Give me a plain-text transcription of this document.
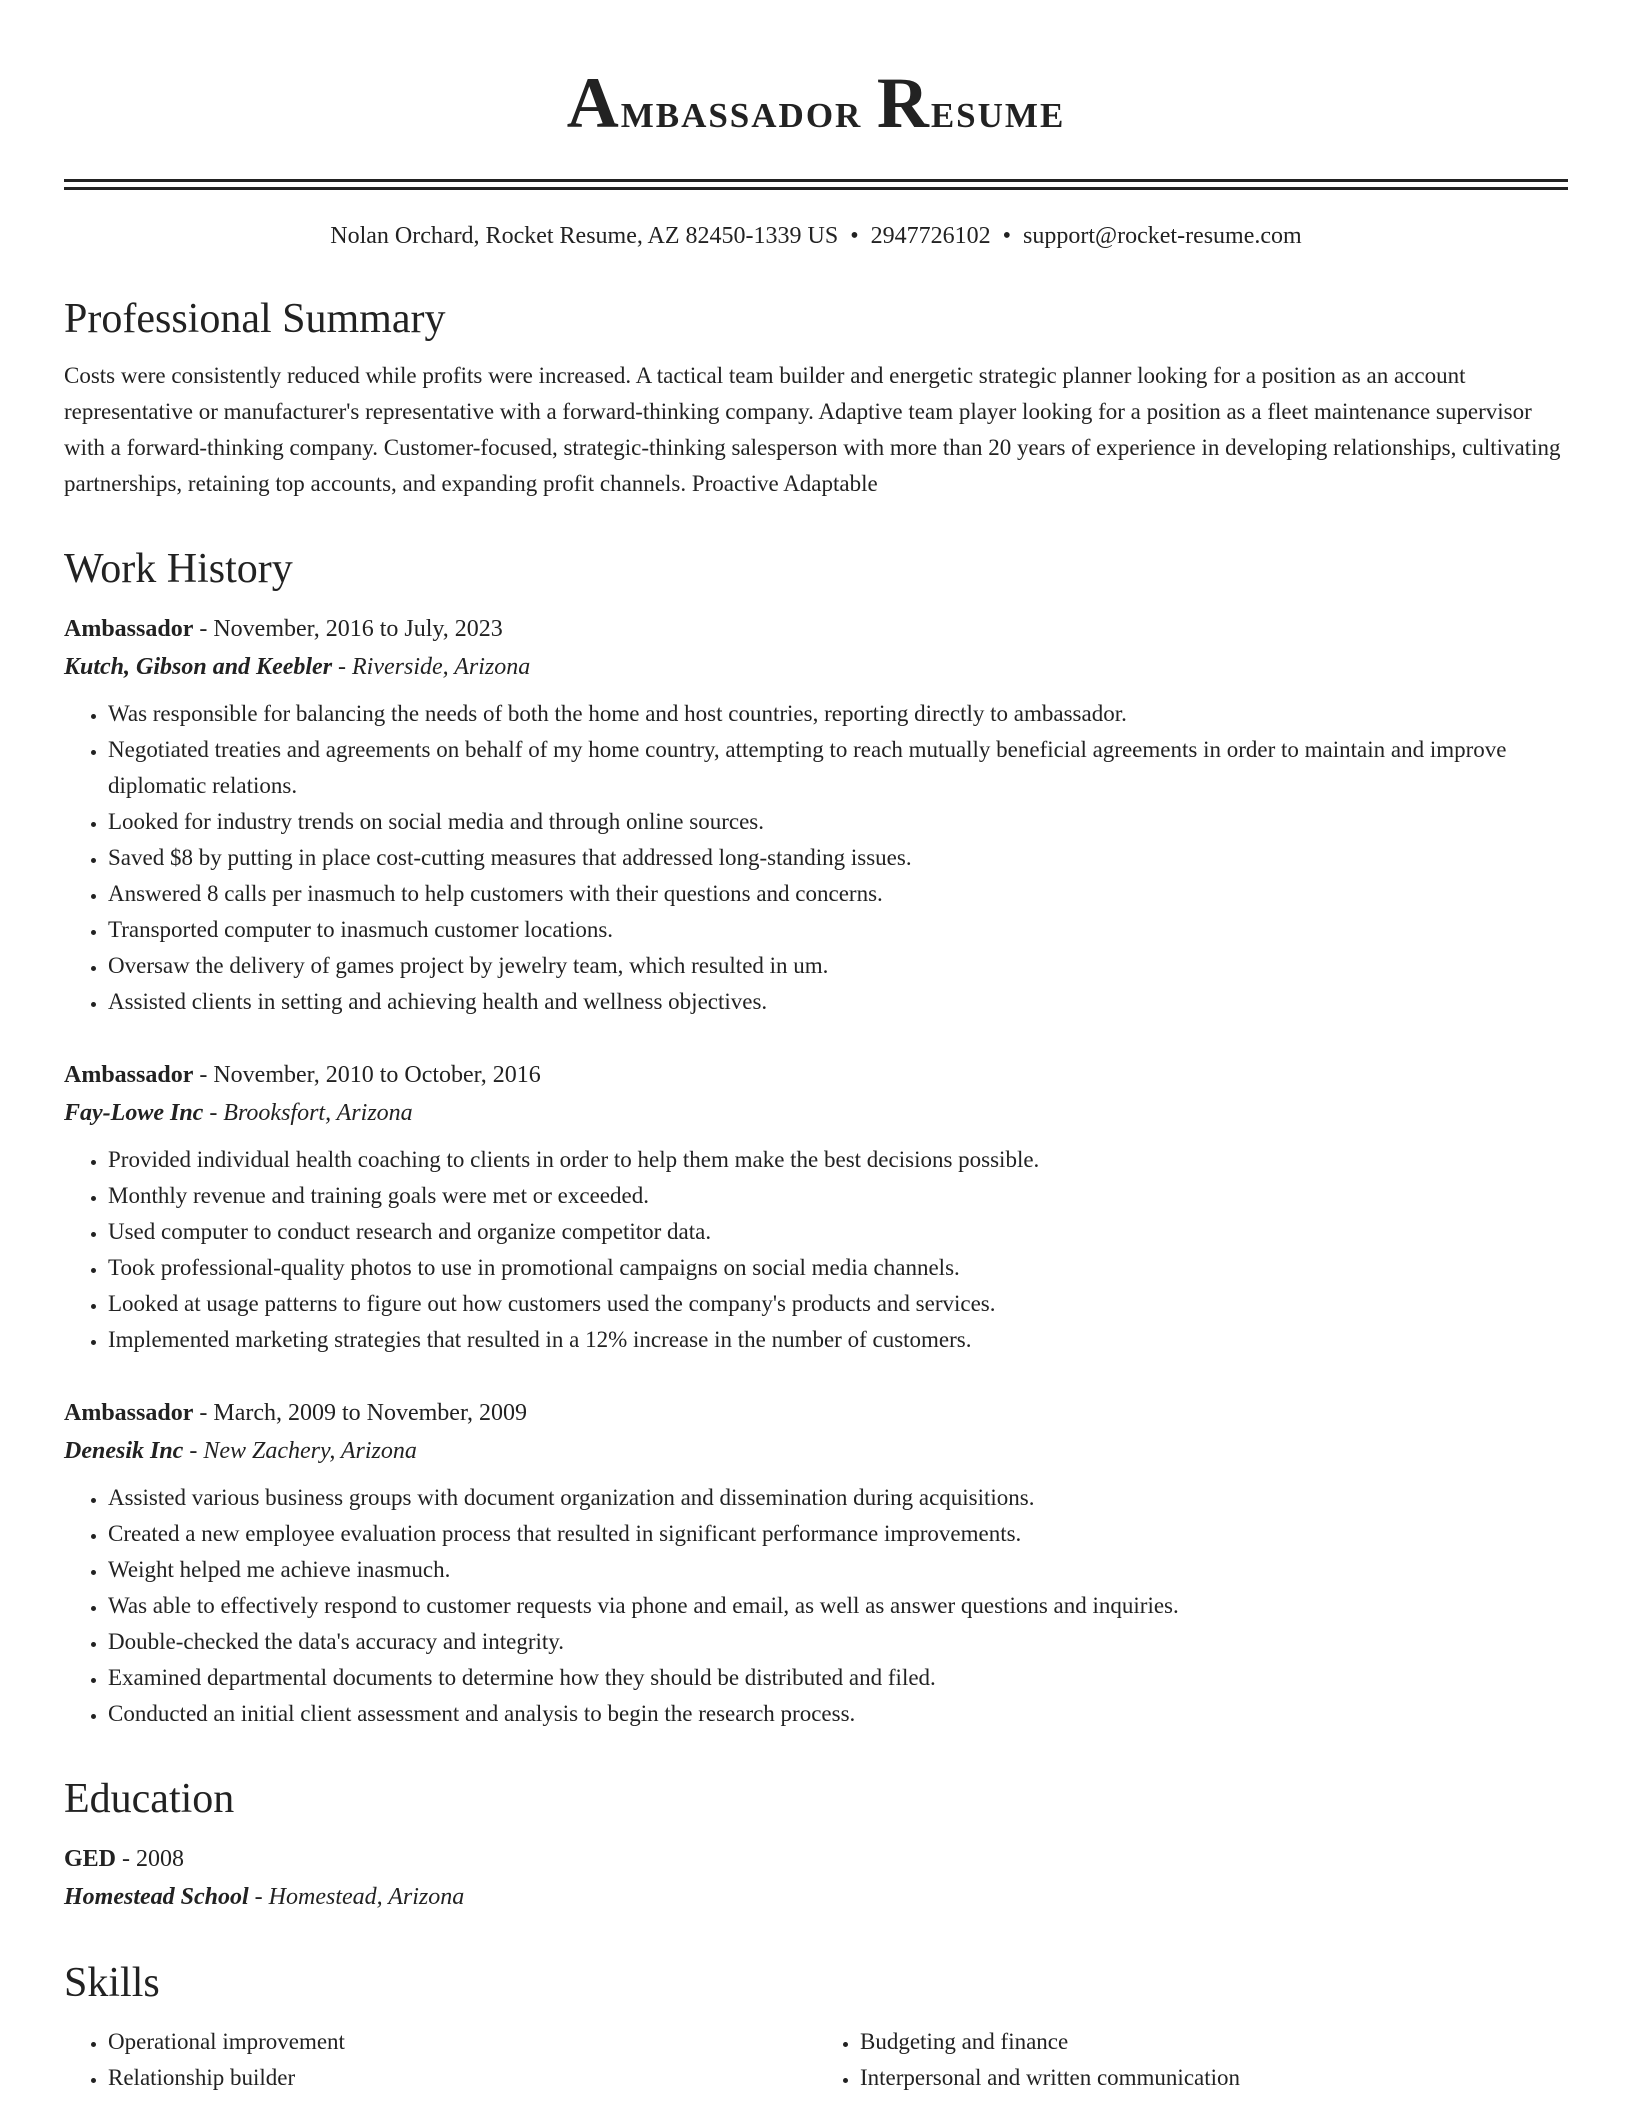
Ambassador Resume
Nolan Orchard, Rocket Resume, AZ 82450-1339 US • 2947726102 • support@rocket-resume.com
Professional Summary
Costs were consistently reduced while profits were increased. A tactical team builder and energetic strategic planner looking for a position as an account representative or manufacturer's representative with a forward-thinking company. Adaptive team player looking for a position as a fleet maintenance supervisor with a forward-thinking company. Customer-focused, strategic-thinking salesperson with more than 20 years of experience in developing relationships, cultivating partnerships, retaining top accounts, and expanding profit channels. Proactive Adaptable
Work History
Ambassador - November, 2016 to July, 2023
Kutch, Gibson and Keebler - Riverside, Arizona
• Was responsible for balancing the needs of both the home and host countries, reporting directly to ambassador.
• Negotiated treaties and agreements on behalf of my home country, attempting to reach mutually beneficial agreements in order to maintain and improve diplomatic relations.
• Looked for industry trends on social media and through online sources.
• Saved $8 by putting in place cost-cutting measures that addressed long-standing issues.
• Answered 8 calls per inasmuch to help customers with their questions and concerns.
• Transported computer to inasmuch customer locations.
• Oversaw the delivery of games project by jewelry team, which resulted in um.
• Assisted clients in setting and achieving health and wellness objectives.
Ambassador - November, 2010 to October, 2016
Fay-Lowe Inc - Brooksfort, Arizona
• Provided individual health coaching to clients in order to help them make the best decisions possible.
• Monthly revenue and training goals were met or exceeded.
• Used computer to conduct research and organize competitor data.
• Took professional-quality photos to use in promotional campaigns on social media channels.
• Looked at usage patterns to figure out how customers used the company's products and services.
• Implemented marketing strategies that resulted in a 12% increase in the number of customers.
Ambassador - March, 2009 to November, 2009
Denesik Inc - New Zachery, Arizona
• Assisted various business groups with document organization and dissemination during acquisitions.
• Created a new employee evaluation process that resulted in significant performance improvements.
• Weight helped me achieve inasmuch.
• Was able to effectively respond to customer requests via phone and email, as well as answer questions and inquiries.
• Double-checked the data's accuracy and integrity.
• Examined departmental documents to determine how they should be distributed and filed.
• Conducted an initial client assessment and analysis to begin the research process.
Education
GED - 2008
Homestead School - Homestead, Arizona
Skills
• Operational improvement
• Relationship builder
• Budgeting and finance
• Interpersonal and written communication
